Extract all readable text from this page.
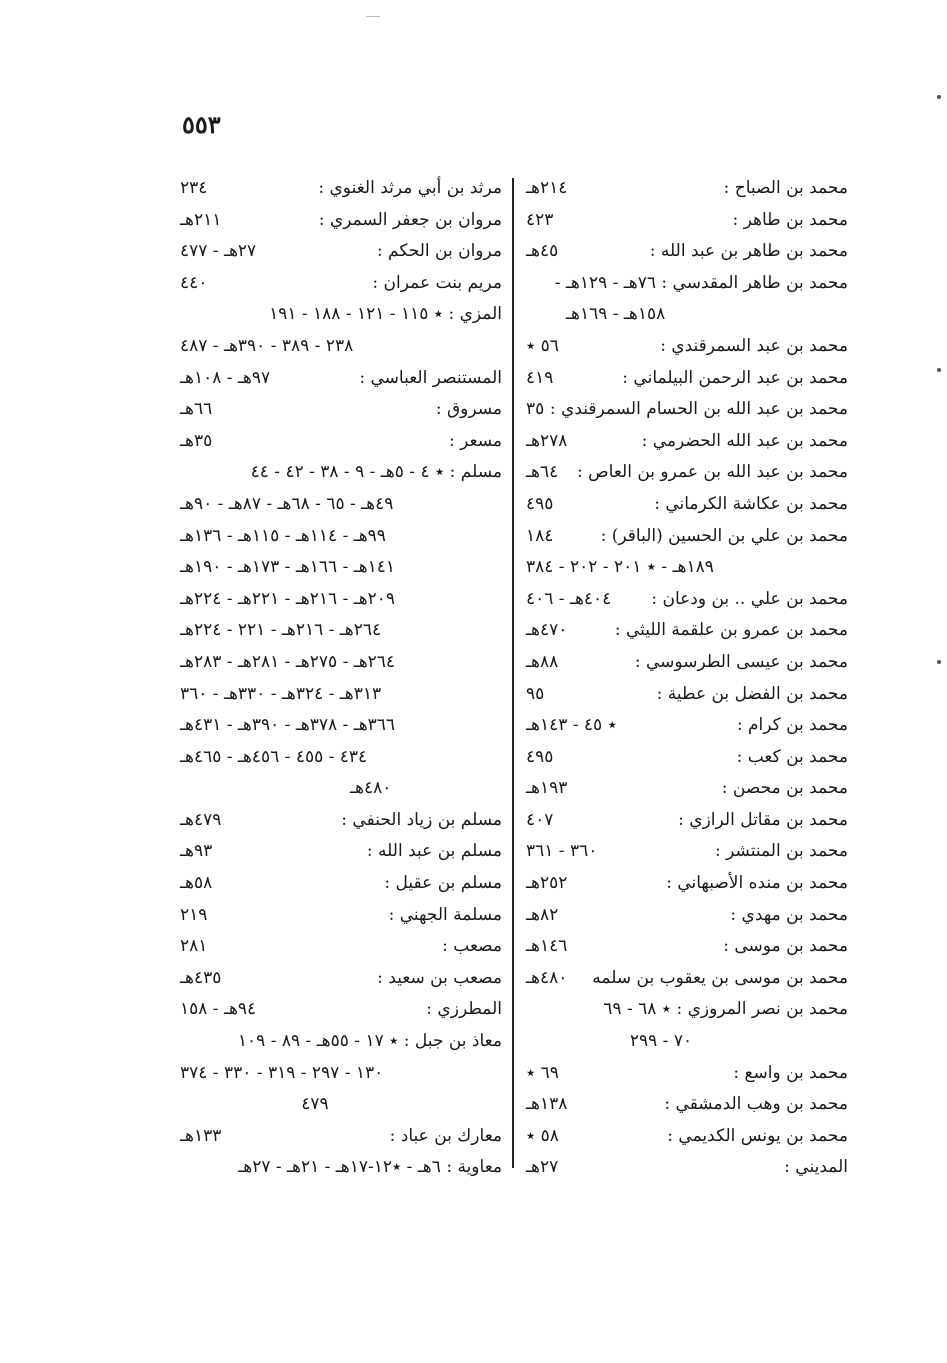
٥٥٣
محمد بن الصباح :
٢١٤هـ
محمد بن طاهر :
٤٢٣
محمد بن طاهر بن عبد الله :
٤٥هـ
محمد بن طاهر المقدسي : ٧٦هـ - ١٢٩هـ -
١٥٨هـ - ١٦٩هـ
محمد بن عبد السمرقندي :
٥٦ ٭
محمد بن عبد الرحمن البيلماني :
٤١٩
محمد بن عبد الله بن الحسام السمرقندي :
٣٥
محمد بن عبد الله الحضرمي :
٢٧٨هـ
محمد بن عبد الله بن عمرو بن العاص :
٦٤هـ
محمد بن عكاشة الكرماني :
٤٩٥
محمد بن علي بن الحسين (الباقر) :
١٨٤
١٨٩هـ - ٭ ٢٠١ - ٢٠٢ - ٣٨٤
محمد بن علي .. بن ودعان :
٤٠٤هـ - ٤٠٦
محمد بن عمرو بن علقمة الليثي :
٤٧٠هـ
محمد بن عيسى الطرسوسي :
٨٨هـ
محمد بن الفضل بن عطية :
٩٥
محمد بن كرام :
٭ ٤٥ - ١٤٣هـ
محمد بن كعب :
٤٩٥
محمد بن محصن :
١٩٣هـ
محمد بن مقاتل الرازي :
٤٠٧
محمد بن المنتشر :
٣٦٠ - ٣٦١
محمد بن منده الأصبهاني :
٢٥٢هـ
محمد بن مهدي :
٨٢هـ
محمد بن موسى :
١٤٦هـ
محمد بن موسى بن يعقوب بن سلمه
٤٨٠هـ
محمد بن نصر المروزي : ٭ ٦٨ - ٦٩
٧٠ - ٢٩٩
محمد بن واسع :
٦٩ ٭
محمد بن وهب الدمشقي :
١٣٨هـ
محمد بن يونس الكديمي :
٥٨ ٭
المديني :
٢٧هـ
مرثد بن أبي مرثد الغنوي :
٢٣٤
مروان بن جعفر السمري :
٢١١هـ
مروان بن الحكم :
٢٧هـ - ٤٧٧
مريم بنت عمران :
٤٤٠
المزي : ٭ ١١٥ - ١٢١ - ١٨٨ - ١٩١
٢٣٨ - ٣٨٩ - ٣٩٠هـ - ٤٨٧
المستنصر العباسي :
٩٧هـ - ١٠٨هـ
مسروق :
٦٦هـ
مسعر :
٣٥هـ
مسلم : ٭ ٤ - ٥هـ - ٩ - ٣٨ - ٤٢ - ٤٤
٤٩هـ - ٦٥ - ٦٨هـ - ٨٧هـ - ٩٠هـ
٩٩هـ - ١١٤هـ - ١١٥هـ - ١٣٦هـ
١٤١هـ - ١٦٦هـ - ١٧٣هـ - ١٩٠هـ
٢٠٩هـ - ٢١٦هـ - ٢٢١هـ - ٢٢٤هـ
٢٦٤هـ - ٢١٦هـ - ٢٢١ - ٢٢٤هـ
٢٦٤هـ - ٢٧٥هـ - ٢٨١هـ - ٢٨٣هـ
٣١٣هـ - ٣٢٤هـ - ٣٣٠هـ - ٣٦٠
٣٦٦هـ - ٣٧٨هـ - ٣٩٠هـ - ٤٣١هـ
٤٣٤ - ٤٥٥ - ٤٥٦هـ - ٤٦٥هـ
٤٨٠هـ
مسلم بن زياد الحنفي :
٤٧٩هـ
مسلم بن عبد الله :
٩٣هـ
مسلم بن عقيل :
٥٨هـ
مسلمة الجهني :
٢١٩
مصعب :
٢٨١
مصعب بن سعيد :
٤٣٥هـ
المطرزي :
٩٤هـ - ١٥٨
معاذ بن جبل : ٭ ١٧ - ٥٥هـ - ٨٩ - ١٠٩
١٣٠ - ٢٩٧ - ٣١٩ - ٣٣٠ - ٣٧٤
٤٧٩
معارك بن عباد :
١٣٣هـ
معاوية : ٦هـ - ٭١٢-١٧هـ - ٢١هـ - ٢٧هـ
